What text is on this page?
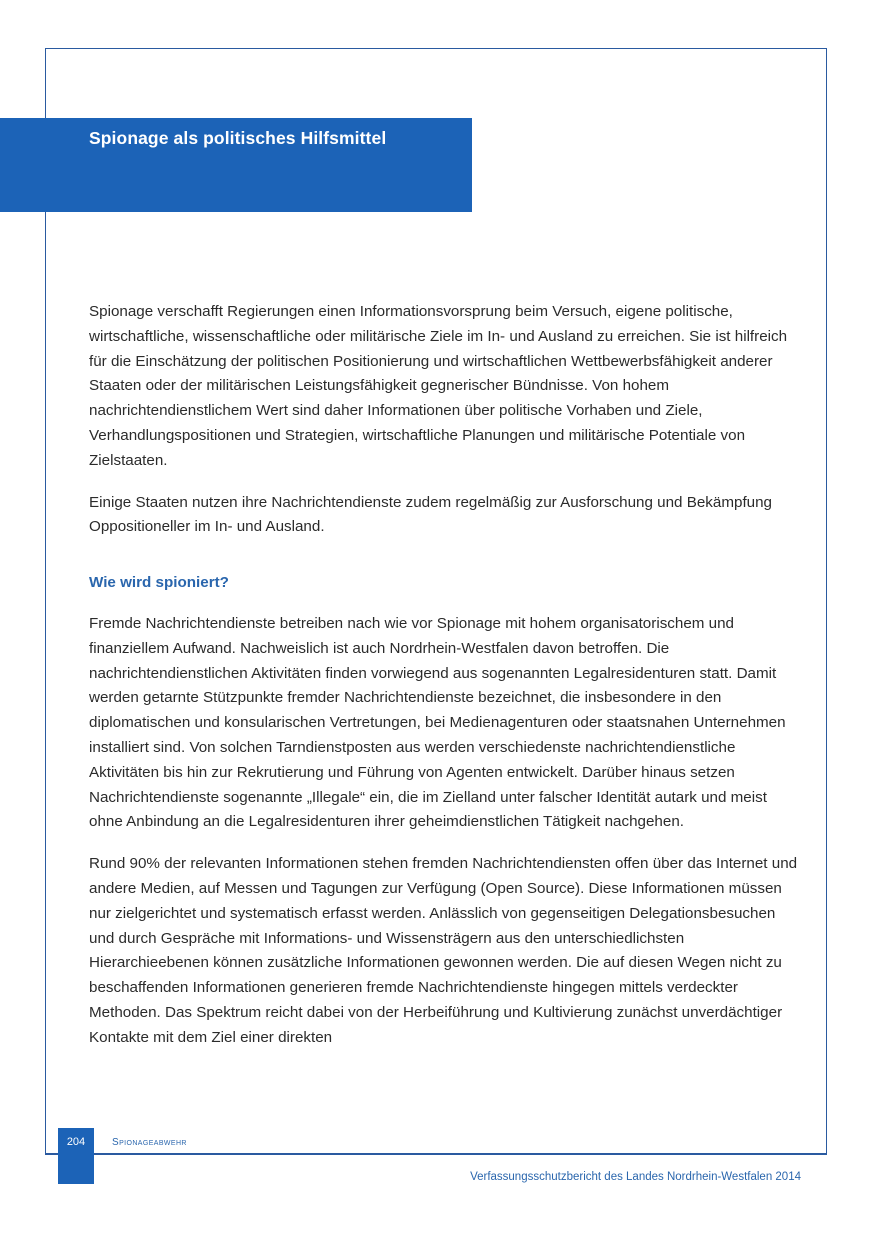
Spionage als politisches Hilfsmittel

Spionage verschafft Regierungen einen Informationsvorsprung beim Versuch, eigene politische, wirtschaftliche, wissenschaftliche oder militärische Ziele im In- und Ausland zu erreichen. Sie ist hilfreich für die Einschätzung der politischen Positionierung und wirtschaftlichen Wettbewerbsfähigkeit anderer Staaten oder der militärischen Leistungsfähigkeit gegnerischer Bündnisse. Von hohem nachrichtendienstlichem Wert sind daher Informationen über politische Vorhaben und Ziele, Verhandlungspositionen und Strategien, wirtschaftliche Planungen und militärische Potentiale von Zielstaaten.

Einige Staaten nutzen ihre Nachrichtendienste zudem regelmäßig zur Ausforschung und Bekämpfung Oppositioneller im In- und Ausland.

Wie wird spioniert?

Fremde Nachrichtendienste betreiben nach wie vor Spionage mit hohem organisatorischem und finanziellem Aufwand. Nachweislich ist auch Nordrhein-Westfalen davon betroffen. Die nachrichtendienstlichen Aktivitäten finden vorwiegend aus sogenannten Legalresidenturen statt. Damit werden getarnte Stützpunkte fremder Nachrichtendienste bezeichnet, die insbesondere in den diplomatischen und konsularischen Vertretungen, bei Medienagenturen oder staatsnahen Unternehmen installiert sind. Von solchen Tarndienstposten aus werden verschiedenste nachrichtendienstliche Aktivitäten bis hin zur Rekrutierung und Führung von Agenten entwickelt. Darüber hinaus setzen Nachrichtendienste sogenannte „Illegale“ ein, die im Zielland unter falscher Identität autark und meist ohne Anbindung an die Legalresidenturen ihrer geheimdienstlichen Tätigkeit nachgehen.

Rund 90% der relevanten Informationen stehen fremden Nachrichtendiensten offen über das Internet und andere Medien, auf Messen und Tagungen zur Verfügung (Open Source). Diese Informationen müssen nur zielgerichtet und systematisch erfasst werden. Anlässlich von gegenseitigen Delegationsbesuchen und durch Gespräche mit Informations- und Wissensträgern aus den unterschiedlichsten Hierarchieebenen können zusätzliche Informationen gewonnen werden. Die auf diesen Wegen nicht zu beschaffenden Informationen generieren fremde Nachrichtendienste hingegen mittels verdeckter Methoden. Das Spektrum reicht dabei von der Herbeiführung und Kultivierung zunächst unverdächtiger Kontakte mit dem Ziel einer direkten

204	Spionageabwehr
Verfassungsschutzbericht des Landes Nordrhein-Westfalen 2014
